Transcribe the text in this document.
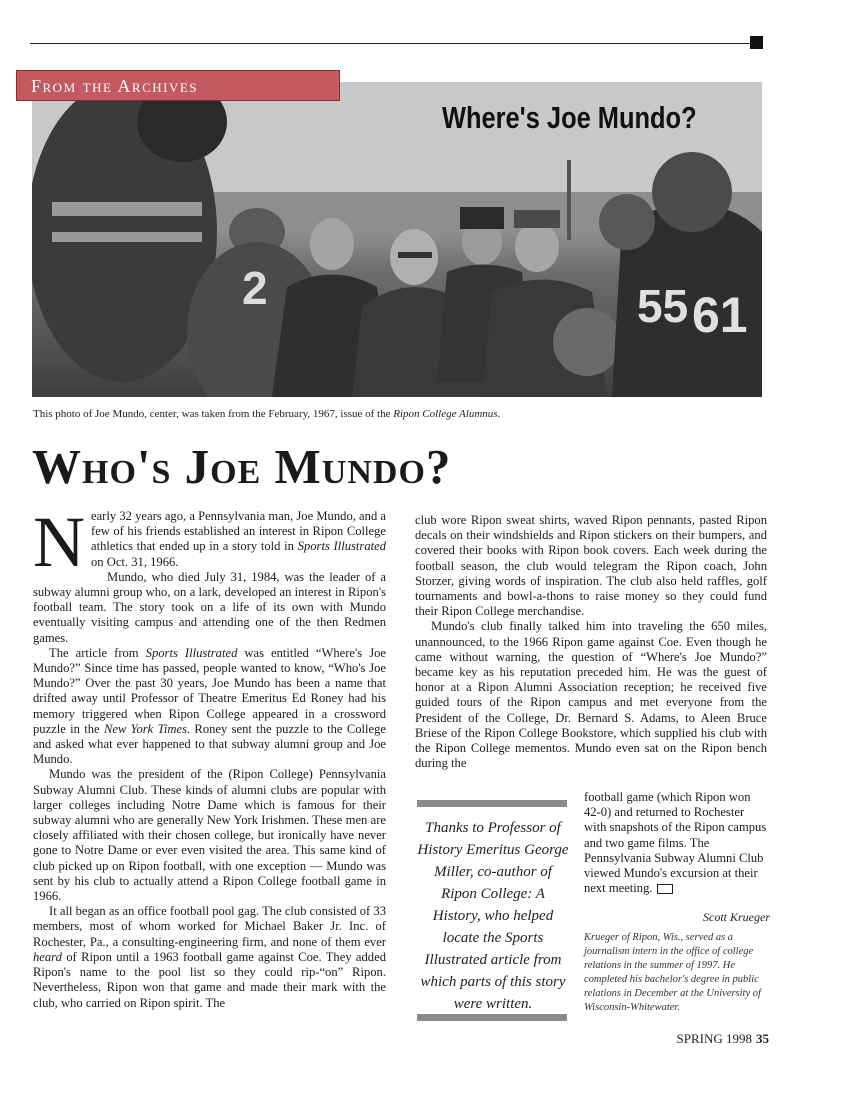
2	55 61
Where's Joe Mundo?
From the Archives
This photo of Joe Mundo, center, was taken from the February, 1967, issue of the Ripon College Alumnus.
Who's Joe Mundo?
N early 32 years ago, a Pennsylvania man, Joe Mundo, and a few of his friends established an interest in Ripon College athletics that ended up in a story told in Sports Illustrated on Oct. 31, 1966.

Mundo, who died July 31, 1984, was the leader of a subway alumni group who, on a lark, developed an interest in Ripon's football team. The story took on a life of its own with Mundo eventually visiting campus and attending one of the then Redmen games.

The article from Sports Illustrated was entitled “Where's Joe Mundo?” Since time has passed, people wanted to know, “Who's Joe Mundo?” Over the past 30 years, Joe Mundo has been a name that drifted away until Professor of Theatre Emeritus Ed Roney had his memory triggered when Ripon College appeared in a crossword puzzle in the New York Times. Roney sent the puzzle to the College and asked what ever happened to that subway alumni group and Joe Mundo.

Mundo was the president of the (Ripon College) Pennsylvania Subway Alumni Club. These kinds of alumni clubs are popular with larger colleges including Notre Dame which is famous for their subway alumni who are generally New York Irishmen. These men are closely affiliated with their chosen college, but ironically have never gone to Notre Dame or ever even visited the area. This same kind of club picked up on Ripon football, with one exception — Mundo was sent by his club to actually attend a Ripon College football game in 1966.

It all began as an office football pool gag. The club consisted of 33 members, most of whom worked for Michael Baker Jr. Inc. of Rochester, Pa., a consulting-engineering firm, and none of them ever heard of Ripon until a 1963 football game against Coe. They added Ripon's name to the pool list so they could rip-“on” Ripon. Nevertheless, Ripon won that game and made their mark with the club, who carried on Ripon spirit. The

club wore Ripon sweat shirts, waved Ripon pennants, pasted Ripon decals on their windshields and Ripon stickers on their bumpers, and covered their books with Ripon book covers. Each week during the football season, the club would telegram the Ripon coach, John Storzer, giving words of inspiration. The club also held raffles, golf tournaments and bowl-a-thons to raise money so they could fund their Ripon College merchandise.

Mundo's club finally talked him into traveling the 650 miles, unannounced, to the 1966 Ripon game against Coe. Even though he came without warning, the question of “Where's Joe Mundo?” became key as his reputation preceded him. He was the guest of honor at a Ripon Alumni Association reception; he received five guided tours of the Ripon campus and met everyone from the President of the College, Dr. Bernard S. Adams, to Aleen Bruce Briese of the Ripon College Bookstore, which supplied his club with the Ripon College mementos. Mundo even sat on the Ripon bench during the

Thanks to Professor of History Emeritus George Miller, co-author of Ripon College: A History, who helped locate the Sports Illustrated article from which parts of this story were written.
football game (which Ripon won 42-0) and returned to Rochester with snapshots of the Ripon campus and two game films. The Pennsylvania Subway Alumni Club viewed Mundo's excursion at their next meeting.
Scott Krueger
Krueger of Ripon, Wis., served as a journalism intern in the office of college relations in the summer of 1997. He completed his bachelor's degree in public relations in December at the University of Wisconsin-Whitewater.
SPRING 1998 35
